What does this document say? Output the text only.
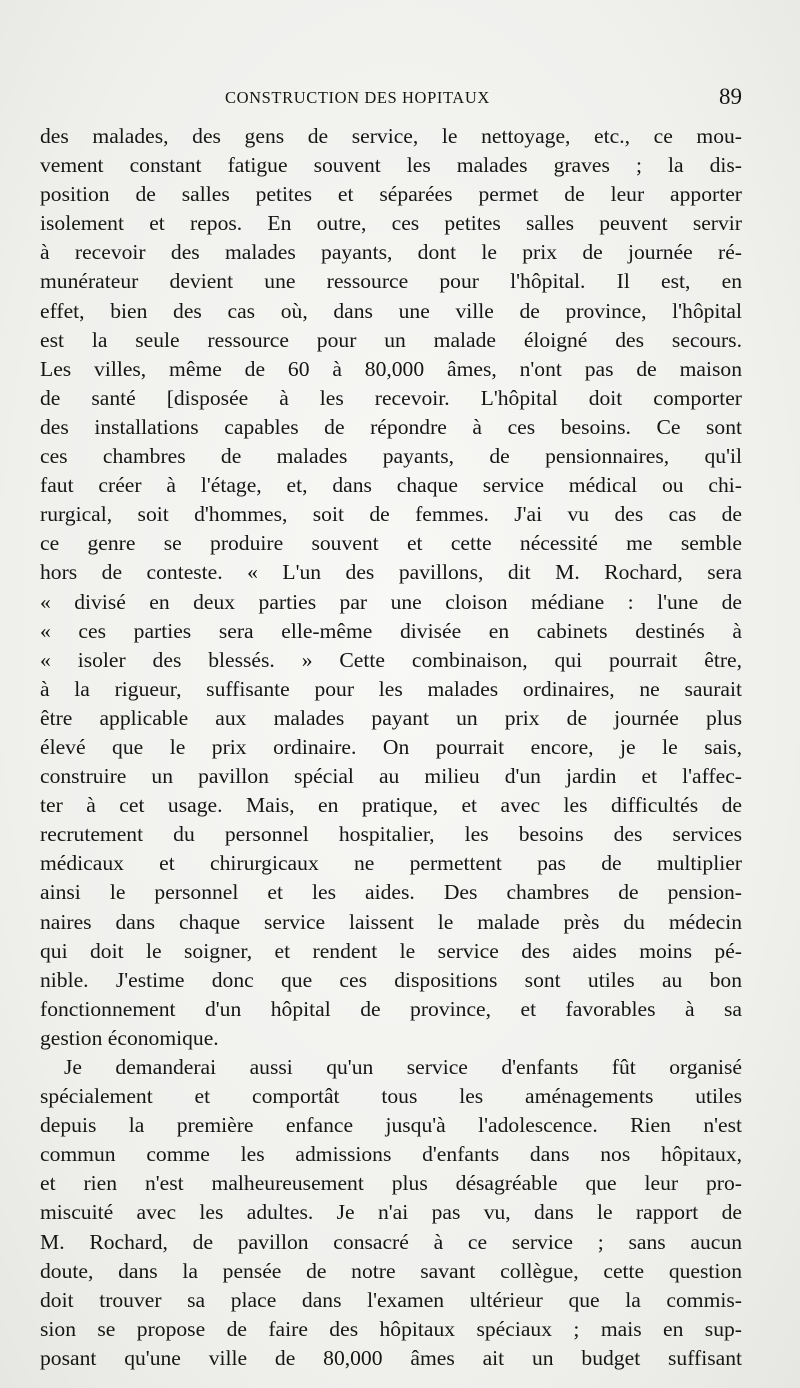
CONSTRUCTION DES HOPITAUX	89
des malades, des gens de service, le nettoyage, etc., ce mou-
vement constant fatigue souvent les malades graves ; la dis-
position de salles petites et séparées permet de leur apporter
isolement et repos. En outre, ces petites salles peuvent servir
à recevoir des malades payants, dont le prix de journée ré-
munérateur devient une ressource pour l'hôpital. Il est, en
effet, bien des cas où, dans une ville de province, l'hôpital
est la seule ressource pour un malade éloigné des secours.
Les villes, même de 60 à 80,000 âmes, n'ont pas de maison
de santé [disposée à les recevoir. L'hôpital doit comporter
des installations capables de répondre à ces besoins. Ce sont
ces chambres de malades payants, de pensionnaires, qu'il
faut créer à l'étage, et, dans chaque service médical ou chi-
rurgical, soit d'hommes, soit de femmes. J'ai vu des cas de
ce genre se produire souvent et cette nécessité me semble
hors de conteste. « L'un des pavillons, dit M. Rochard, sera
« divisé en deux parties par une cloison médiane : l'une de
« ces parties sera elle-même divisée en cabinets destinés à
« isoler des blessés. » Cette combinaison, qui pourrait être,
à la rigueur, suffisante pour les malades ordinaires, ne saurait
être applicable aux malades payant un prix de journée plus
élevé que le prix ordinaire. On pourrait encore, je le sais,
construire un pavillon spécial au milieu d'un jardin et l'affec-
ter à cet usage. Mais, en pratique, et avec les difficultés de
recrutement du personnel hospitalier, les besoins des services
médicaux et chirurgicaux ne permettent pas de multiplier
ainsi le personnel et les aides. Des chambres de pension-
naires dans chaque service laissent le malade près du médecin
qui doit le soigner, et rendent le service des aides moins pé-
nible. J'estime donc que ces dispositions sont utiles au bon
fonctionnement d'un hôpital de province, et favorables à sa
gestion économique.
Je demanderai aussi qu'un service d'enfants fût organisé
spécialement et comportât tous les aménagements utiles
depuis la première enfance jusqu'à l'adolescence. Rien n'est
commun comme les admissions d'enfants dans nos hôpitaux,
et rien n'est malheureusement plus désagréable que leur pro-
miscuité avec les adultes. Je n'ai pas vu, dans le rapport de
M. Rochard, de pavillon consacré à ce service ; sans aucun
doute, dans la pensée de notre savant collègue, cette question
doit trouver sa place dans l'examen ultérieur que la commis-
sion se propose de faire des hôpitaux spéciaux ; mais en sup-
posant qu'une ville de 80,000 âmes ait un budget suffisant
